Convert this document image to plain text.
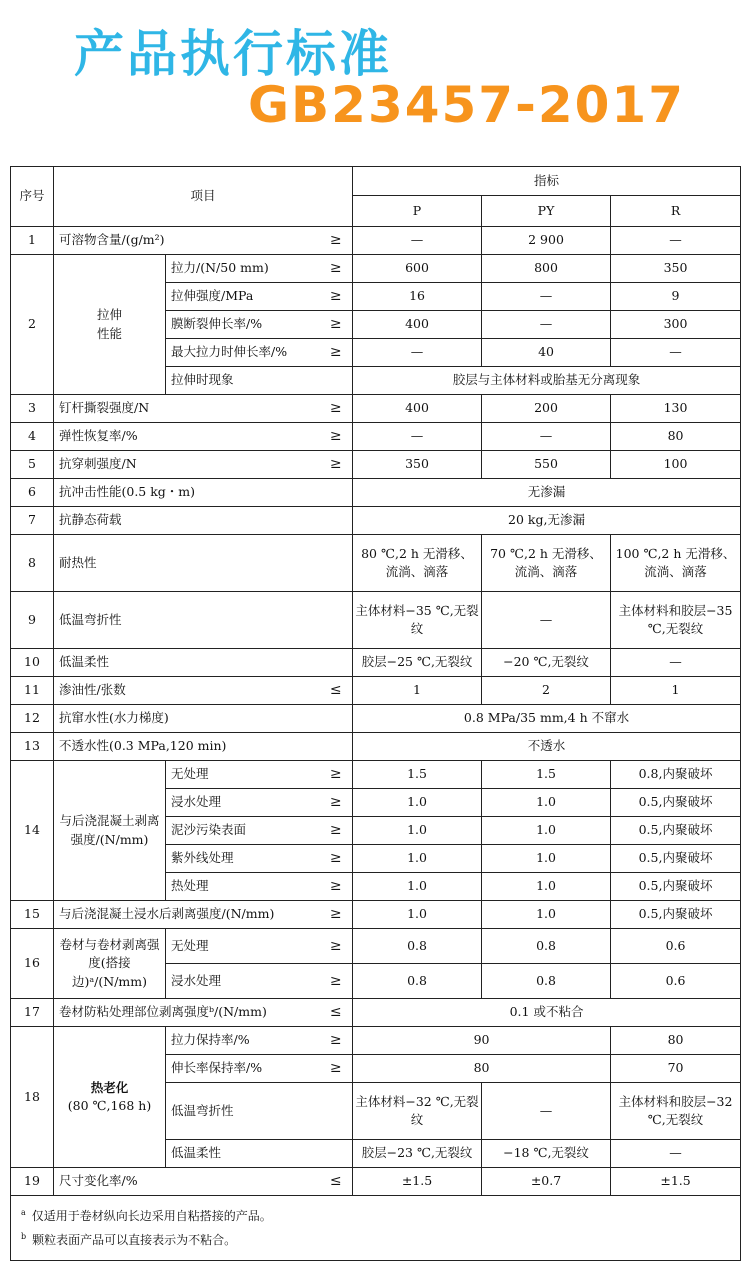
产品执行标准
GB23457-2017
序号	项目			指标		
				P	PY	R
1	可溶物含量/(g/m²)		≥	—	2 900	—
2	拉伸性能	拉力/(N/50 mm)	≥	600	800	350
		拉伸强度/MPa	≥	16	—	9
		膜断裂伸长率/%	≥	400	—	300
		最大拉力时伸长率/%	≥	—	40	—
		拉伸时现象		胶层与主体材料或胎基无分离现象		
3	钉杆撕裂强度/N		≥	400	200	130
4	弹性恢复率/%		≥	—	—	80
5	抗穿刺强度/N		≥	350	550	100
6	抗冲击性能(0.5 kg・m)			无渗漏		
7	抗静态荷载			20 kg,无渗漏		
8	耐热性			80 ℃,2 h 无滑移、流淌、滴落	70 ℃,2 h 无滑移、流淌、滴落	100 ℃,2 h 无滑移、流淌、滴落
9	低温弯折性			主体材料−35 ℃,无裂纹	—	主体材料和胶层−35 ℃,无裂纹
10	低温柔性			胶层−25 ℃,无裂纹	−20 ℃,无裂纹	—
11	渗油性/张数		≤	1	2	1
12	抗窜水性(水力梯度)			0.8 MPa/35 mm,4 h 不窜水		
13	不透水性(0.3 MPa,120 min)			不透水		
14	与后浇混凝土剥离强度/(N/mm)	无处理	≥	1.5	1.5	0.8,内聚破坏
		浸水处理	≥	1.0	1.0	0.5,内聚破坏
		泥沙污染表面	≥	1.0	1.0	0.5,内聚破坏
		紫外线处理	≥	1.0	1.0	0.5,内聚破坏
		热处理	≥	1.0	1.0	0.5,内聚破坏
15	与后浇混凝土浸水后剥离强度/(N/mm)		≥	1.0	1.0	0.5,内聚破坏
16	卷材与卷材剥离强度(搭接边)ᵃ/(N/mm)	无处理	≥	0.8	0.8	0.6
		浸水处理	≥	0.8	0.8	0.6
17	卷材防粘处理部位剥离强度ᵇ/(N/mm)		≤	0.1 或不粘合		
18	热老化
(80 ℃,168 h)	拉力保持率/%	≥	90		80
		伸长率保持率/%	≥	80		70
		低温弯折性		主体材料−32 ℃,无裂纹	—	主体材料和胶层−32 ℃,无裂纹
		低温柔性		胶层−23 ℃,无裂纹	−18 ℃,无裂纹	—
19	尺寸变化率/%		≤	±1.5	±0.7	±1.5

$^a$ 仅适用于卷材纵向长边采用自粘搭接的产品。
$^b$ 颗粒表面产品可以直接表示为不粘合。						
